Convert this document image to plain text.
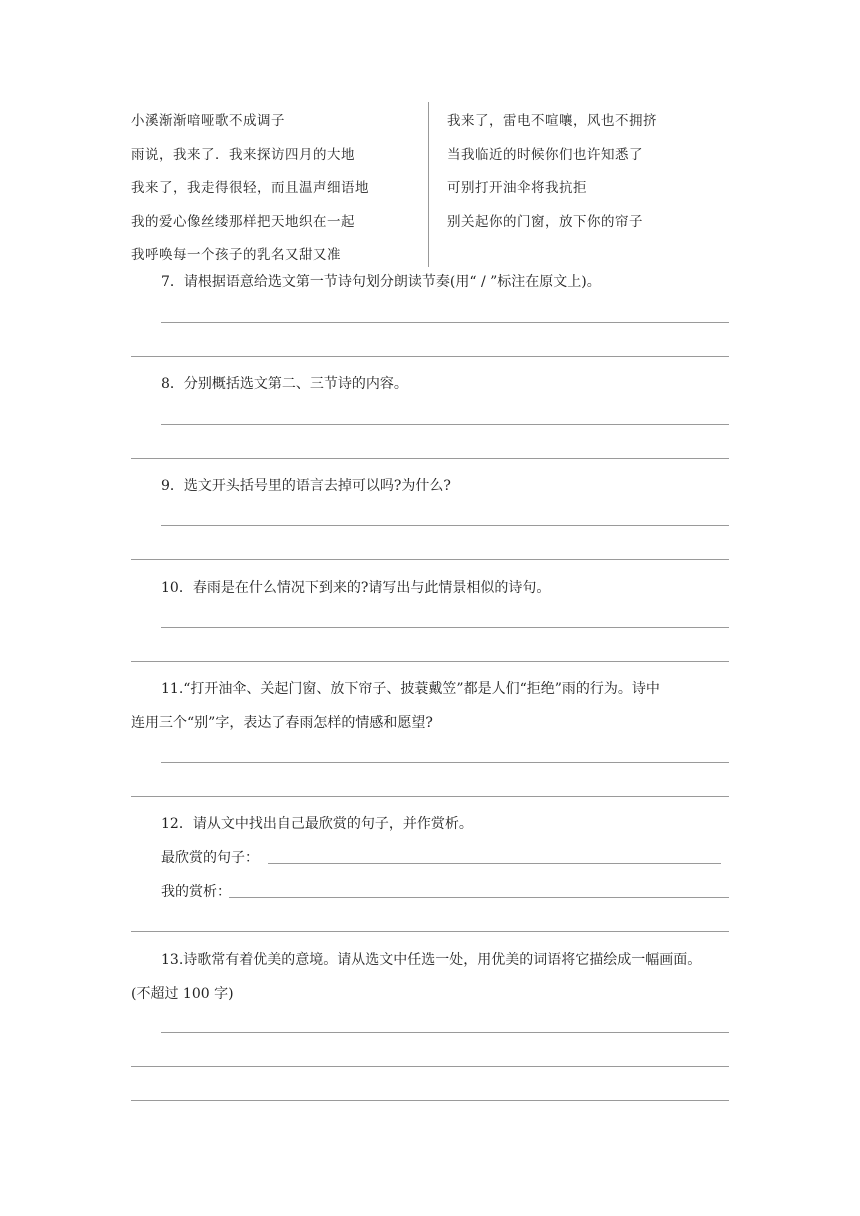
小溪渐渐喑哑歌不成调子
雨说，我来了．我来探访四月的大地
我来了，我走得很轻，而且温声细语地
我的爱心像丝缕那样把天地织在一起
我呼唤每一个孩子的乳名又甜又准
我来了，雷电不喧嚷，风也不拥挤
当我临近的时候你们也许知悉了
可别打开油伞将我抗拒
别关起你的门窗，放下你的帘子
7．请根据语意给选文第一节诗句划分朗读节奏(用“ / ”标注在原文上)。
8．分别概括选文第二、三节诗的内容。
9．选文开头括号里的语言去掉可以吗?为什么?
10．春雨是在什么情况下到来的?请写出与此情景相似的诗句。
11.“打开油伞、关起门窗、放下帘子、披蓑戴笠”都是人们“拒绝”雨的行为。诗中
连用三个“别”字，表达了春雨怎样的情感和愿望?
12．请从文中找出自己最欣赏的句子，并作赏析。
最欣赏的句子：
我的赏析：
13.诗歌常有着优美的意境。请从选文中任选一处，用优美的词语将它描绘成一幅画面。
(不超过 100 字)
